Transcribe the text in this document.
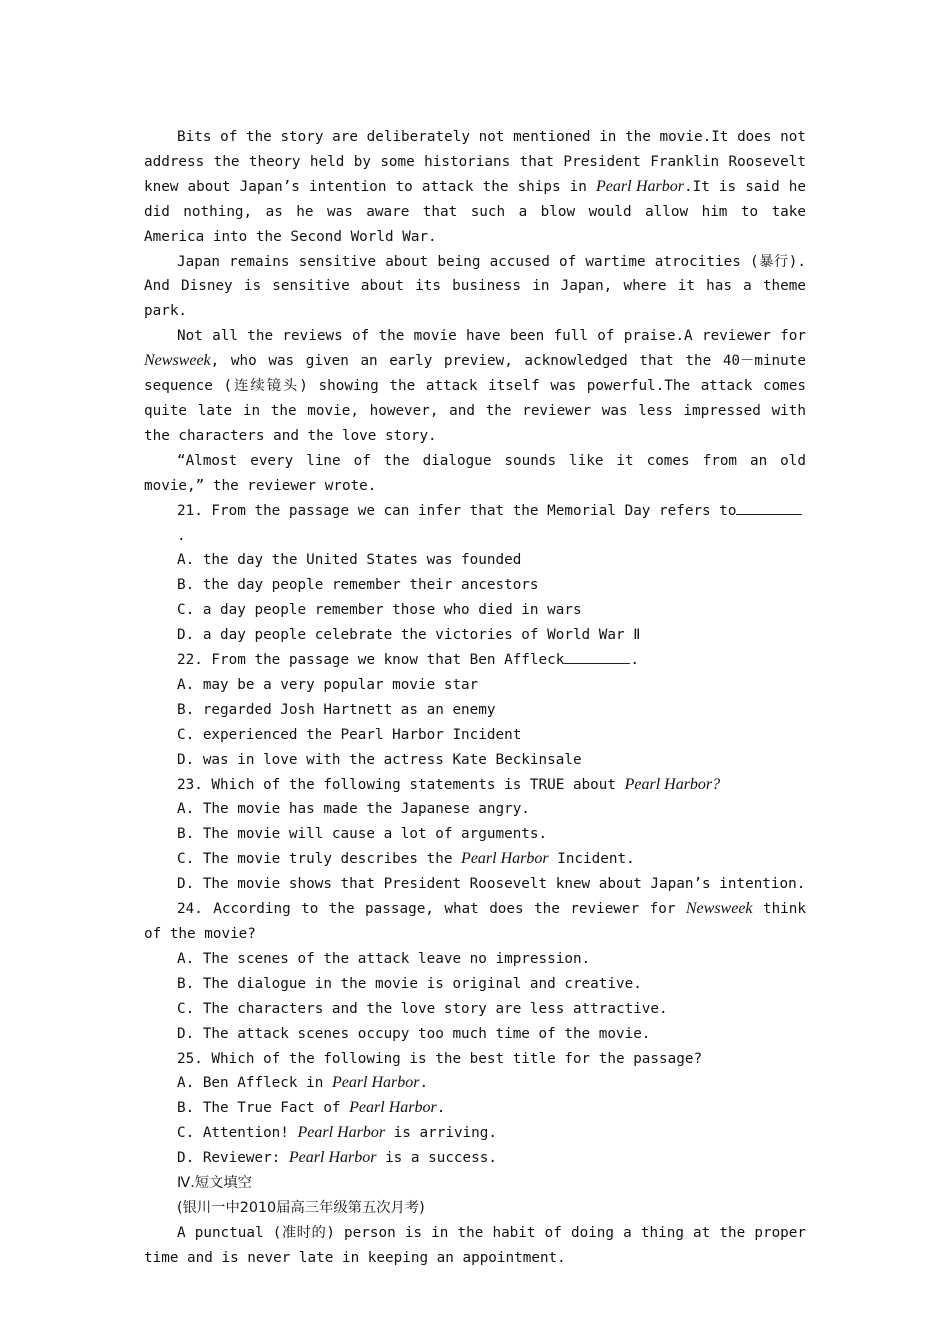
Bits of the story are deliberately not mentioned in the movie.It does not address the theory held by some historians that President Franklin Roosevelt knew about Japan’s intention to attack the ships in Pearl Harbor.It is said he did nothing, as he was aware that such a blow would allow him to take America into the Second World War.

Japan remains sensitive about being accused of wartime atrocities (暴行). And Disney is sensitive about its business in Japan, where it has a theme park.

Not all the reviews of the movie have been full of praise.A reviewer for Newsweek, who was given an early preview, acknowledged that the 40－minute sequence (连续镜头) showing the attack itself was powerful.The attack comes quite late in the movie, however, and the reviewer was less impressed with the characters and the love story.

“Almost every line of the dialogue sounds like it comes from an old movie,” the reviewer wrote.

21. From the passage we can infer that the Memorial Day refers to.

A. the day the United States was founded

B. the day people remember their ancestors

C. a day people remember those who died in wars

D. a day people celebrate the victories of World War Ⅱ

22. From the passage we know that Ben Affleck	.

A. may be a very popular movie star

B. regarded Josh Hartnett as an enemy

C. experienced the Pearl Harbor Incident

D. was in love with the actress Kate Beckinsale

23. Which of the following statements is TRUE about Pearl Harbor?

A. The movie has made the Japanese angry.

B. The movie will cause a lot of arguments.

C. The movie truly describes the Pearl Harbor Incident.

D. The movie shows that President Roosevelt knew about Japan’s intention.

24. According to the passage, what does the reviewer for Newsweek think of the movie?

A. The scenes of the attack leave no impression.

B. The dialogue in the movie is original and creative.

C. The characters and the love story are less attractive.

D. The attack scenes occupy too much time of the movie.

25. Which of the following is the best title for the passage?

A. Ben Affleck in Pearl Harbor.

B. The True Fact of Pearl Harbor.

C. Attention! Pearl Harbor is arriving.

D. Reviewer: Pearl Harbor is a success.

Ⅳ.短文填空

(银川一中2010届高三年级第五次月考)

A punctual (准时的) person is in the habit of doing a thing at the proper time and is never late in keeping an appointment.
